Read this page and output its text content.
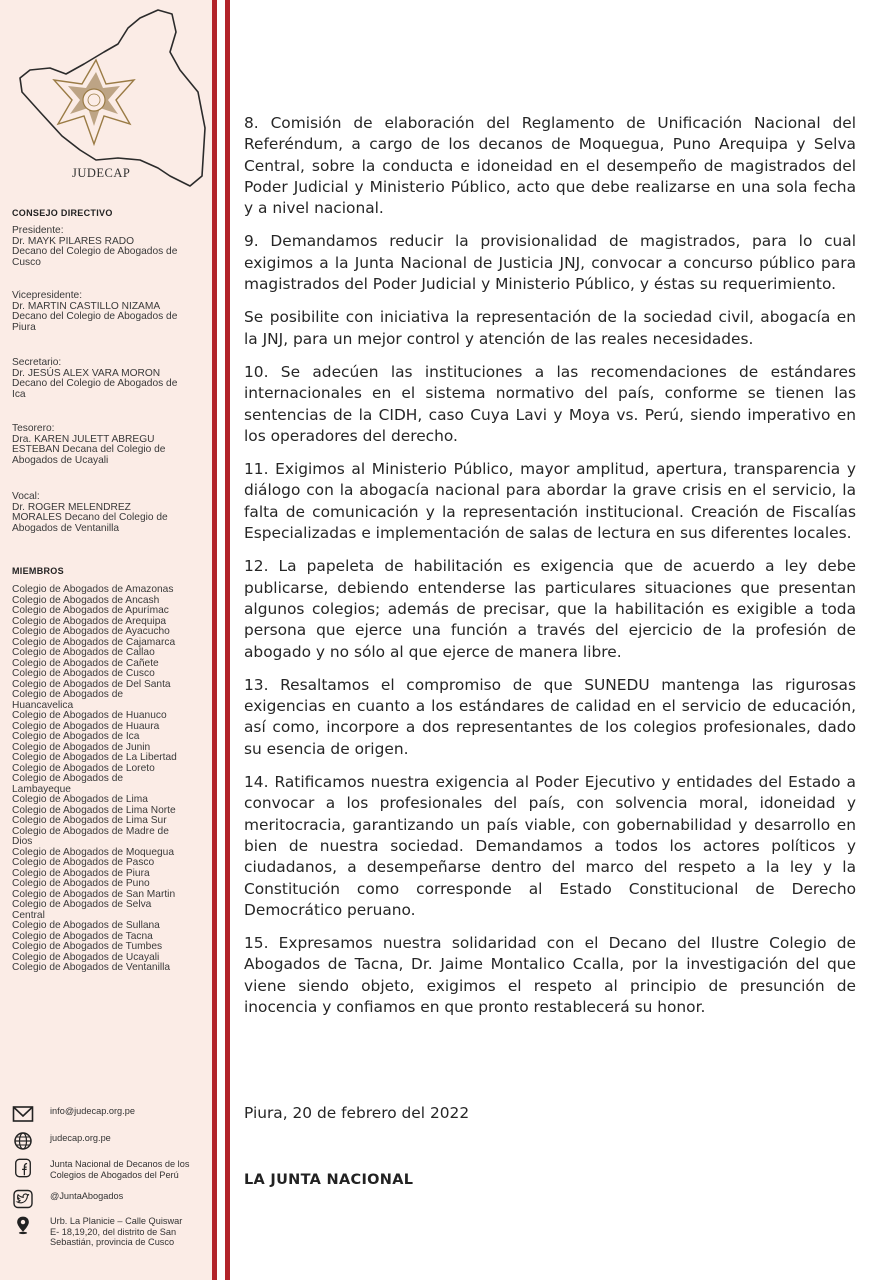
JUDECAP
CONSEJO DIRECTIVO
Presidente:
Dr. MAYK PILARES RADO
Decano del Colegio de Abogados de
Cusco
Vicepresidente:
Dr. MARTIN CASTILLO NIZAMA
Decano del Colegio de Abogados de
Piura
Secretario:
Dr. JESÚS ALEX VARA MORON
Decano del Colegio de Abogados de
Ica
Tesorero:
Dra. KAREN JULETT ABREGU
ESTEBAN Decana del Colegio de
Abogados de Ucayali
Vocal:
Dr. ROGER MELENDREZ
MORALES Decano del Colegio de
Abogados de Ventanilla
MIEMBROS
Colegio de Abogados de Amazonas
Colegio de Abogados de Ancash
Colegio de Abogados de Apurímac
Colegio de Abogados de Arequipa
Colegio de Abogados de Ayacucho
Colegio de Abogados de Cajamarca
Colegio de Abogados de Callao
Colegio de Abogados de Cañete
Colegio de Abogados de Cusco
Colegio de Abogados de Del Santa
Colegio de Abogados de
Huancavelica
Colegio de Abogados de Huanuco
Colegio de Abogados de Huaura
Colegio de Abogados de Ica
Colegio de Abogados de Junin
Colegio de Abogados de La Libertad
Colegio de Abogados de Loreto
Colegio de Abogados de
Lambayeque
Colegio de Abogados de Lima
Colegio de Abogados de Lima Norte
Colegio de Abogados de Lima Sur
Colegio de Abogados de Madre de
Dios
Colegio de Abogados de Moquegua
Colegio de Abogados de Pasco
Colegio de Abogados de Piura
Colegio de Abogados de Puno
Colegio de Abogados de San Martin
Colegio de Abogados de Selva
Central
Colegio de Abogados de Sullana
Colegio de Abogados de Tacna
Colegio de Abogados de Tumbes
Colegio de Abogados de Ucayali
Colegio de Abogados de Ventanilla
info@judecap.org.pe
judecap.org.pe
Junta Nacional de Decanos de los
Colegios de Abogados del Perú
@JuntaAbogados
Urb. La Planicie – Calle Quiswar
E- 18,19,20, del distrito de San
Sebastián, provincia de Cusco

8. Comisión de elaboración del Reglamento de Unificación Nacional del Referéndum, a cargo de los decanos de Moquegua, Puno Arequipa y Selva Central, sobre la conducta e idoneidad en el desempeño de magistrados del Poder Judicial y Ministerio Público, acto que debe realizarse en una sola fecha y a nivel nacional.

9. Demandamos reducir la provisionalidad de magistrados, para lo cual exigimos a la Junta Nacional de Justicia JNJ, convocar a concurso público para magistrados del Poder Judicial y Ministerio Público, y éstas su requerimiento.

Se posibilite con iniciativa la representación de la sociedad civil, abogacía en la JNJ, para un mejor control y atención de las reales necesidades.

10. Se adecúen las instituciones a las recomendaciones de estándares internacionales en el sistema normativo del país, conforme se tienen las sentencias de la CIDH, caso Cuya Lavi y Moya vs. Perú, siendo imperativo en los operadores del derecho.

11. Exigimos al Ministerio Público, mayor amplitud, apertura, transparencia y diálogo con la abogacía nacional para abordar la grave crisis en el servicio, la falta de comunicación y la representación institucional. Creación de Fiscalías Especializadas e implementación de salas de lectura en sus diferentes locales.

12. La papeleta de habilitación es exigencia que de acuerdo a ley debe publicarse, debiendo entenderse las particulares situaciones que presentan algunos colegios; además de precisar, que la habilitación es exigible a toda persona que ejerce una función a través del ejercicio de la profesión de abogado y no sólo al que ejerce de manera libre.

13. Resaltamos el compromiso de que SUNEDU mantenga las rigurosas exigencias en cuanto a los estándares de calidad en el servicio de educación, así como, incorpore a dos representantes de los colegios profesionales, dado su esencia de origen.

14. Ratificamos nuestra exigencia al Poder Ejecutivo y entidades del Estado a convocar a los profesionales del país, con solvencia moral, idoneidad y meritocracia, garantizando un país viable, con gobernabilidad y desarrollo en bien de nuestra sociedad. Demandamos a todos los actores políticos y ciudadanos, a desempeñarse dentro del marco del respeto a la ley y la Constitución como corresponde al Estado Constitucional de Derecho Democrático peruano.

15. Expresamos nuestra solidaridad con el Decano del Ilustre Colegio de Abogados de Tacna, Dr. Jaime Montalico Ccalla, por la investigación del que viene siendo objeto, exigimos el respeto al principio de presunción de inocencia y confiamos en que pronto restablecerá su honor.

Piura, 20 de febrero del 2022
LA JUNTA NACIONAL
